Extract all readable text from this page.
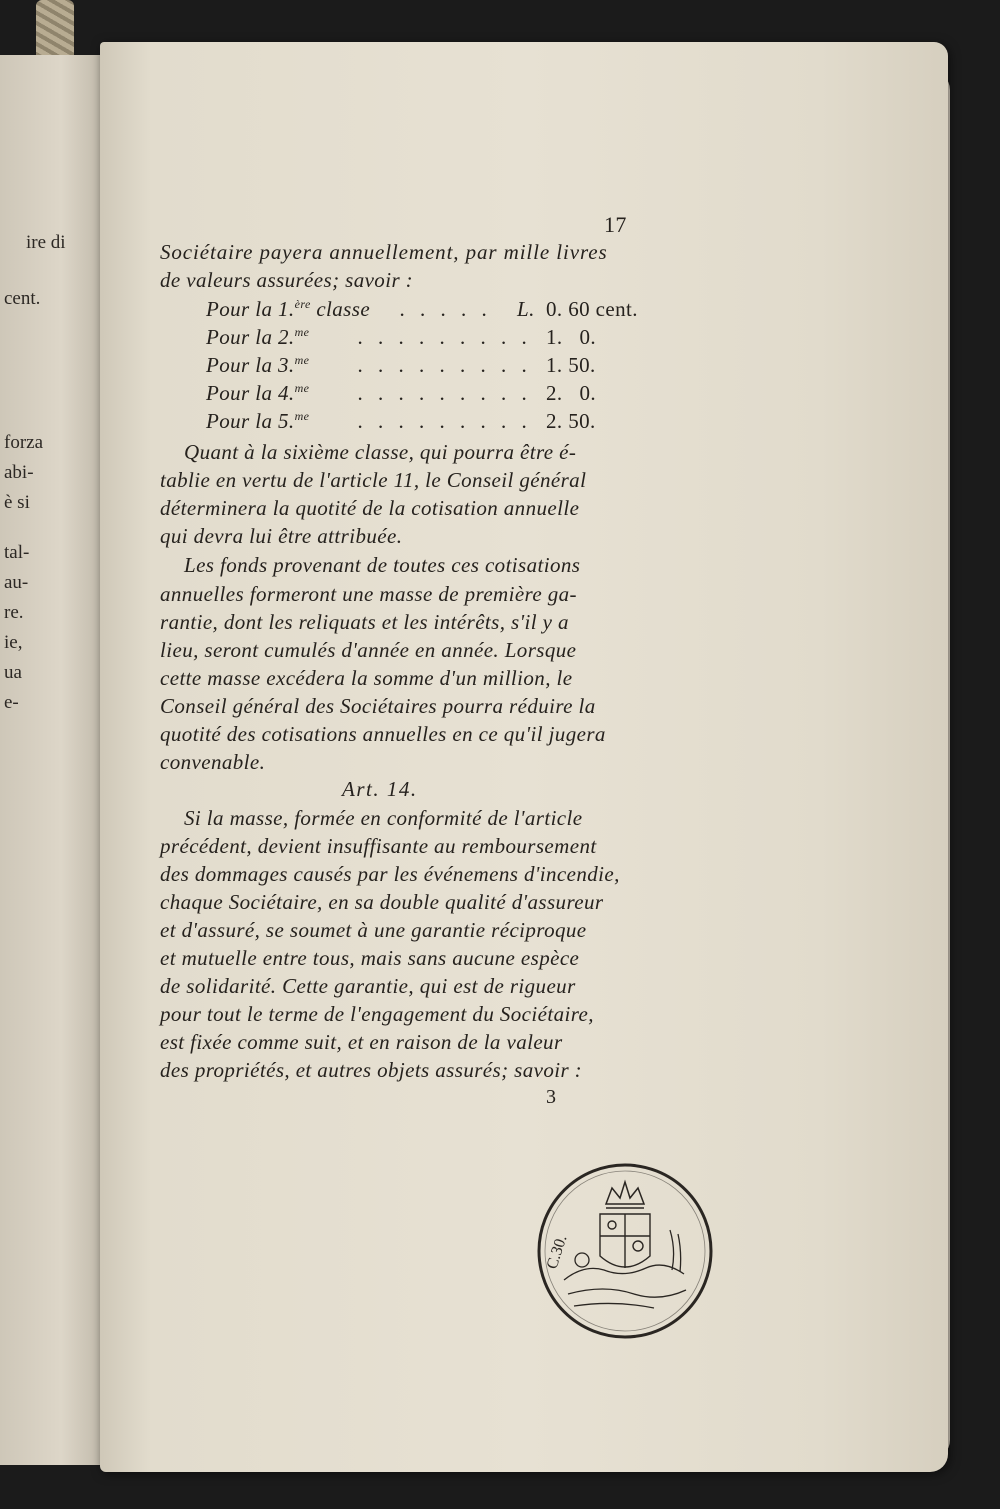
ire di
cent.
forza
abi-
è si
tal-
au-
re.
ie,
ua
e-
17
Sociétaire payera annuellement, par mille livres
de valeurs assurées; savoir :
Pour la 1.$^{ère}$ classe . . . . . L. 0. 60 cent.
Pour la 2.$^{me}$ . . . . . . . . . 1.   0.
Pour la 3.$^{me}$ . . . . . . . . . 1. 50.
Pour la 4.$^{me}$ . . . . . . . . . 2.   0.
Pour la 5.$^{me}$ . . . . . . . . . 2. 50.
Quant à la sixième classe, qui pourra être é-
tablie en vertu de l'article 11, le Conseil général
déterminera la quotité de la cotisation annuelle
qui devra lui être attribuée.
Les fonds provenant de toutes ces cotisations
annuelles formeront une masse de première ga-
rantie, dont les reliquats et les intérêts, s'il y a
lieu, seront cumulés d'année en année. Lorsque
cette masse excédera la somme d'un million, le
Conseil général des Sociétaires pourra réduire la
quotité des cotisations annuelles en ce qu'il jugera
convenable.
Art. 14.
Si la masse, formée en conformité de l'article
précédent, devient insuffisante au remboursement
des dommages causés par les événemens d'incendie,
chaque Sociétaire, en sa double qualité d'assureur
et d'assuré, se soumet à une garantie réciproque
et mutuelle entre tous, mais sans aucune espèce
de solidarité. Cette garantie, qui est de rigueur
pour tout le terme de l'engagement du Sociétaire,
est fixée comme suit, et en raison de la valeur
des propriétés, et autres objets assurés; savoir :
3
C.30.
